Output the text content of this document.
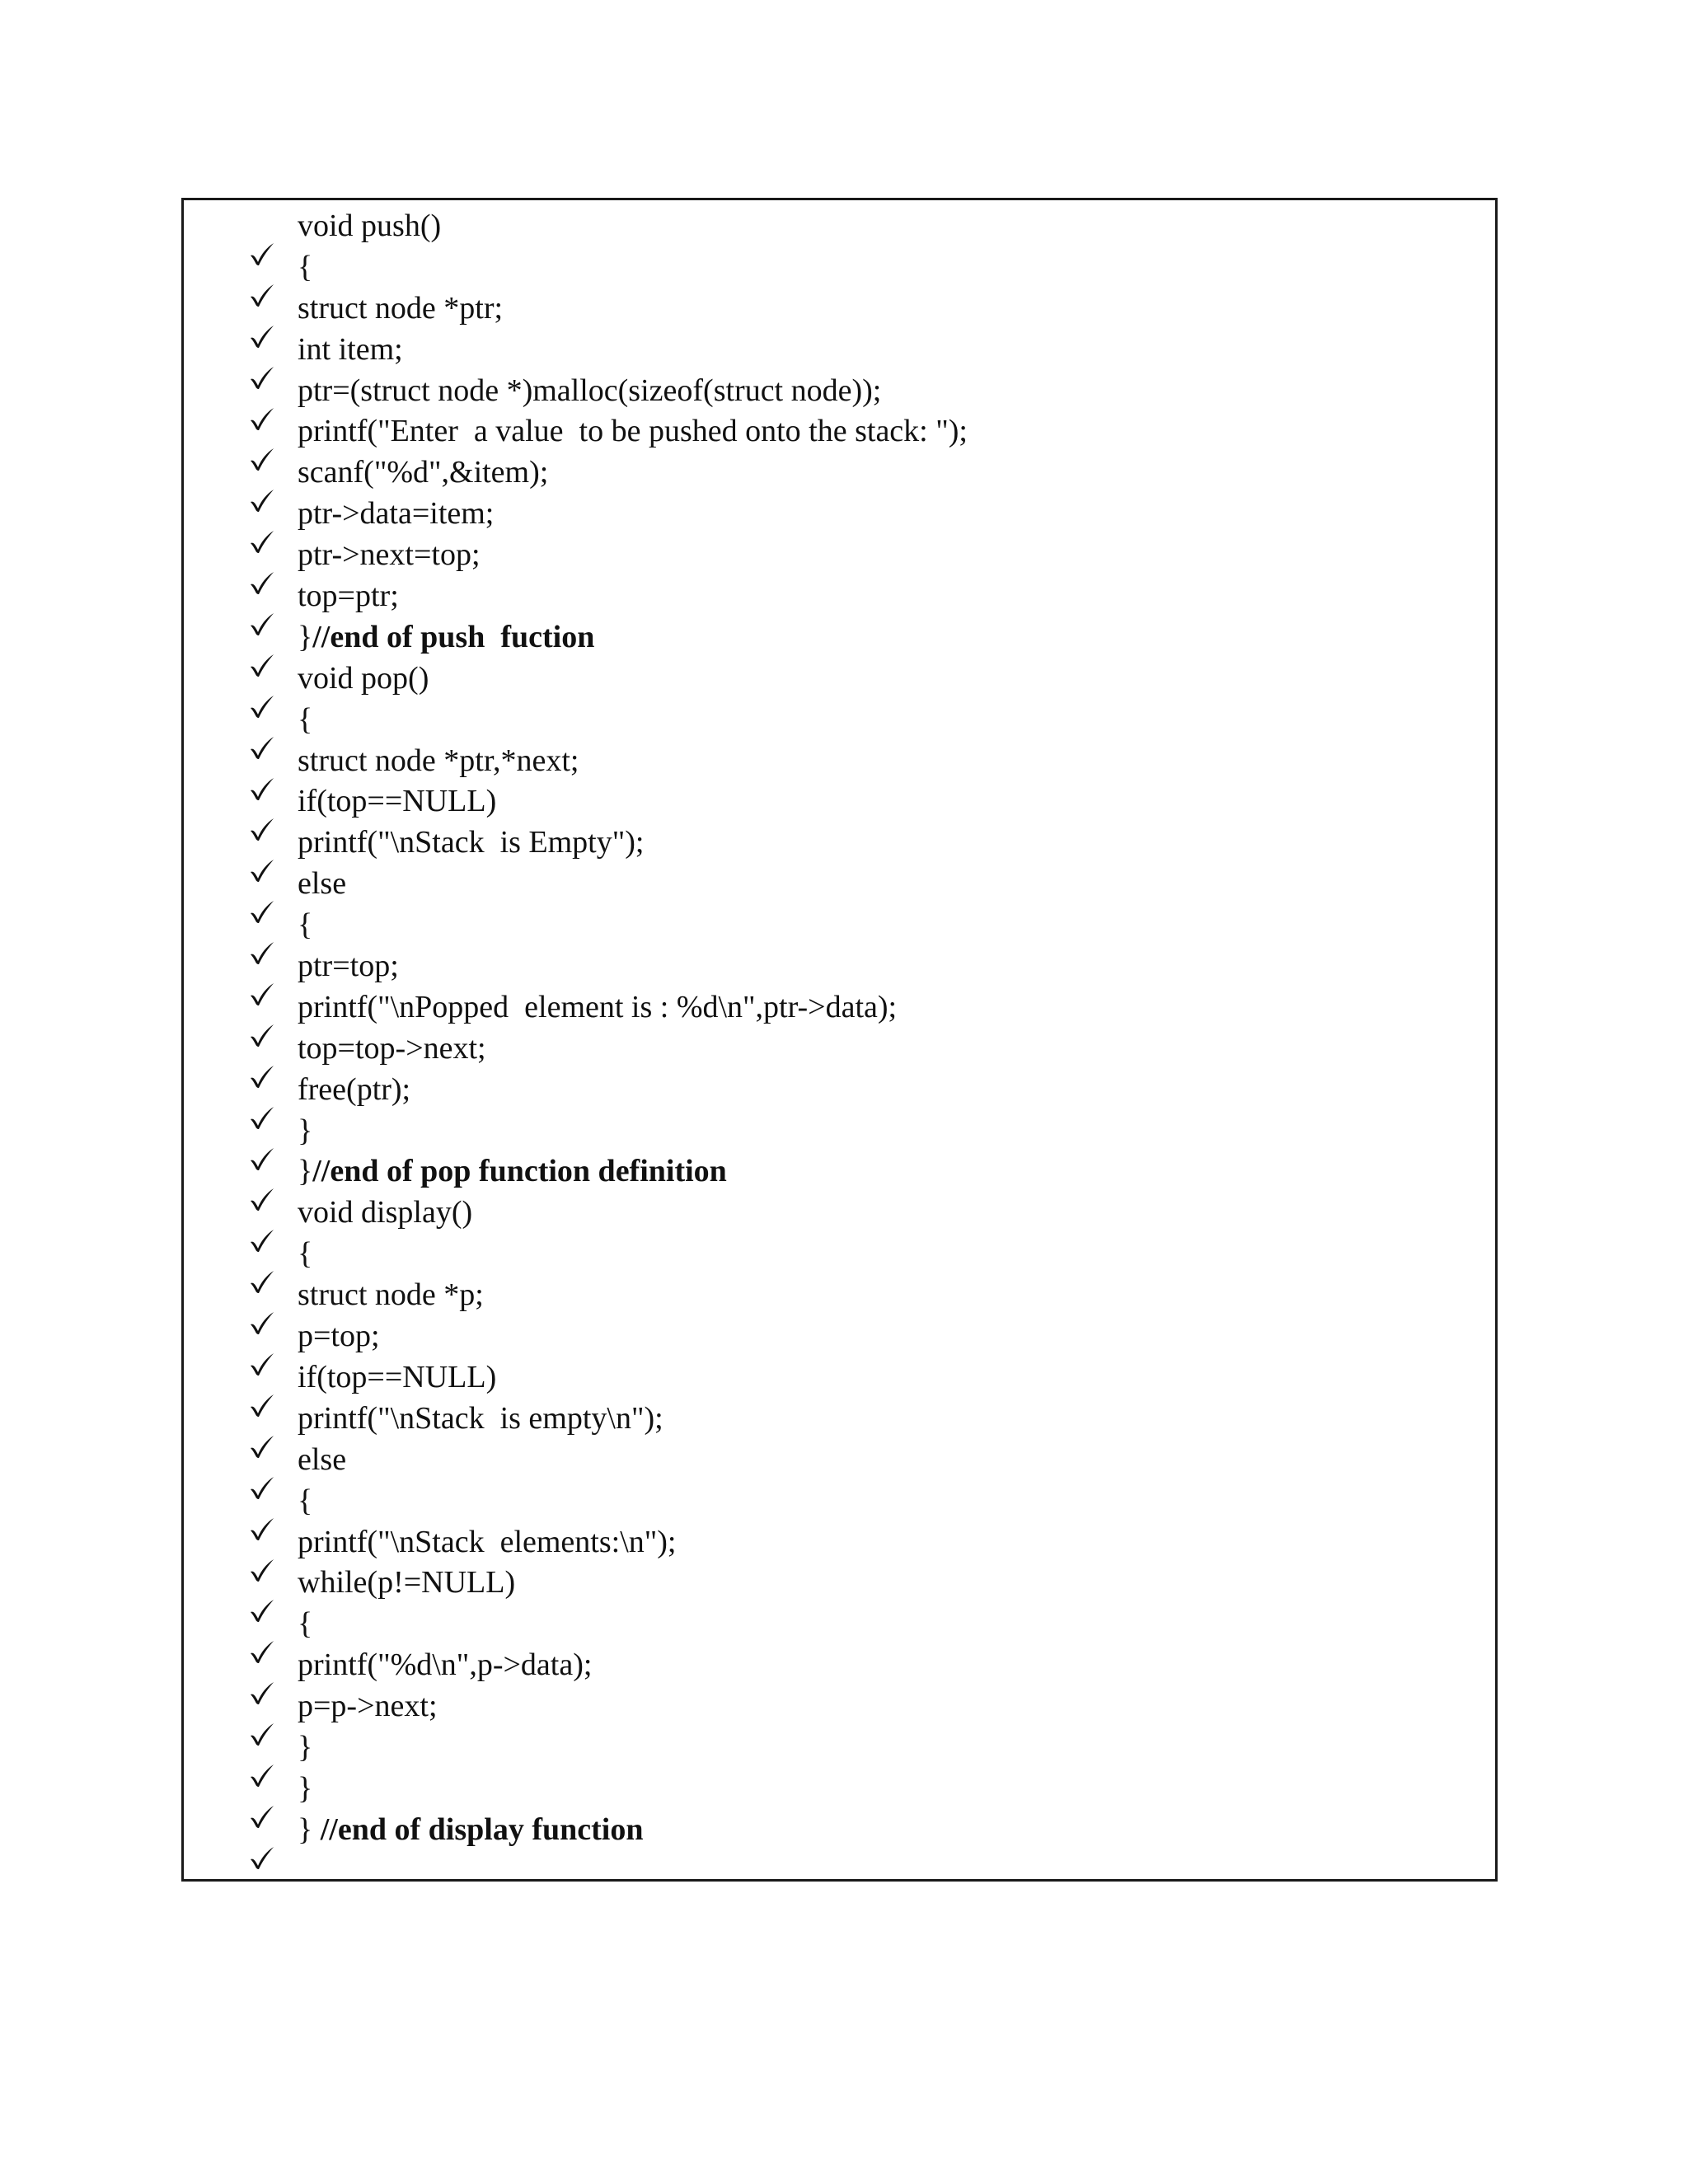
void push()

{

struct node *ptr;

int item;

ptr=(struct node *)malloc(sizeof(struct node));

printf("Enter  a value  to be pushed onto the stack: ");

scanf("%d",&item);

ptr->data=item;

ptr->next=top;

top=ptr;

}//end of push  fuction

void pop()

{

struct node *ptr,*next;

if(top==NULL)

printf("\nStack  is Empty");

else

{

ptr=top;

printf("\nPopped  element is : %d\n",ptr->data);

top=top->next;

free(ptr);

}

}//end of pop function definition

void display()

{

struct node *p;

p=top;

if(top==NULL)

printf("\nStack  is empty\n");

else

{

printf("\nStack  elements:\n");

while(p!=NULL)

{

printf("%d\n",p->data);

p=p->next;

}

}

} //end of display function
